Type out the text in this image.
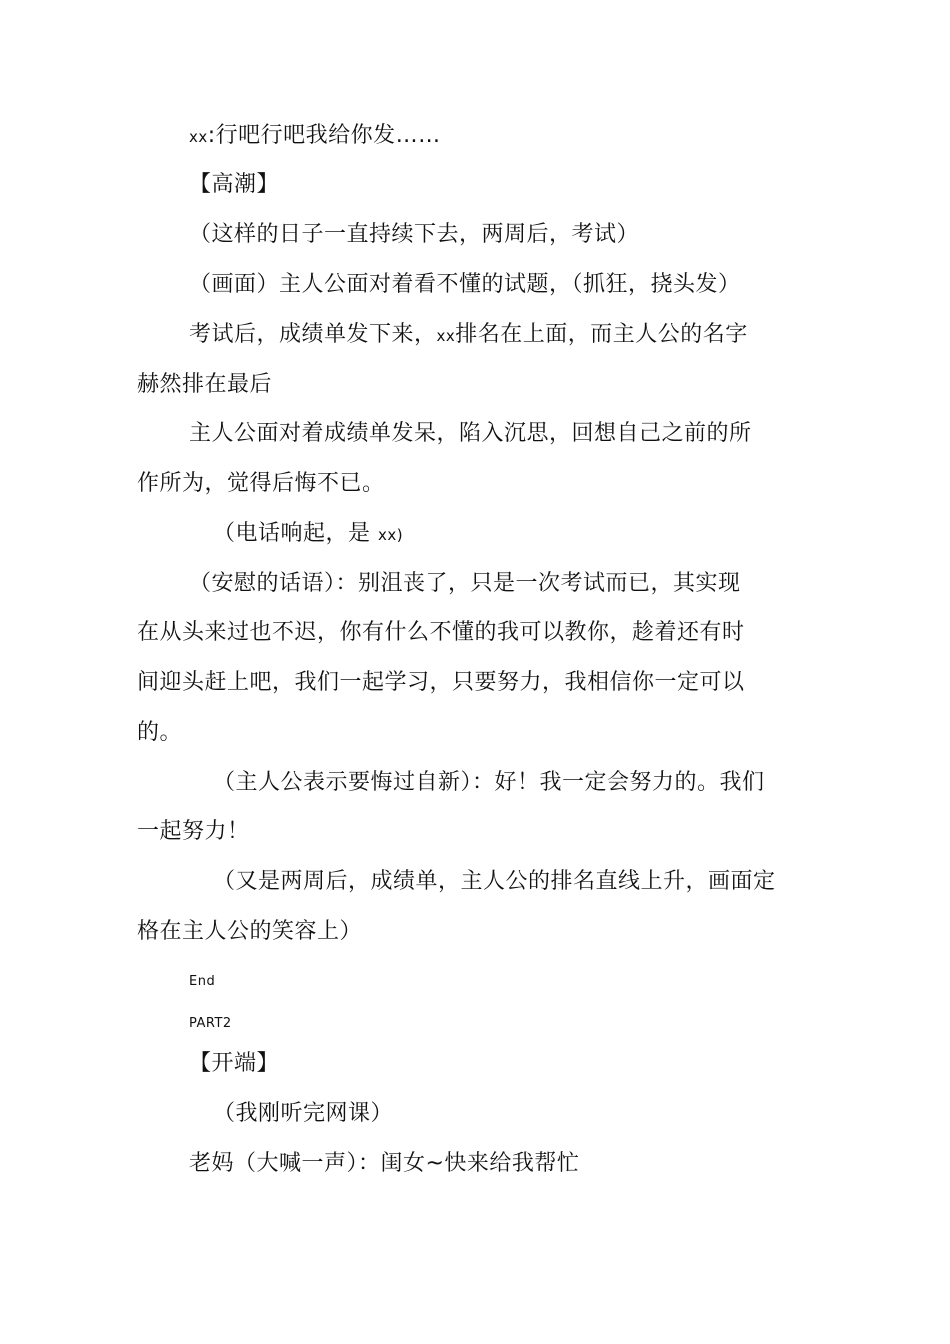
xx:行吧行吧我给你发……
【高潮】
（这样的日子一直持续下去，两周后，考试）
（画面）主人公面对着看不懂的试题，（抓狂，挠头发）
考试后，成绩单发下来，xx排名在上面，而主人公的名字
赫然排在最后
主人公面对着成绩单发呆，陷入沉思，回想自己之前的所
作所为，觉得后悔不已。
（电话响起，是 xx)
（安慰的话语）：别沮丧了，只是一次考试而已，其实现
在从头来过也不迟，你有什么不懂的我可以教你，趁着还有时
间迎头赶上吧，我们一起学习，只要努力，我相信你一定可以
的。
（主人公表示要悔过自新）：好！我一定会努力的。我们
一起努力！
（又是两周后，成绩单，主人公的排名直线上升，画面定
格在主人公的笑容上）
End
PART2
【开端】
（我刚听完网课）
老妈（大喊一声）：闺女~快来给我帮忙
